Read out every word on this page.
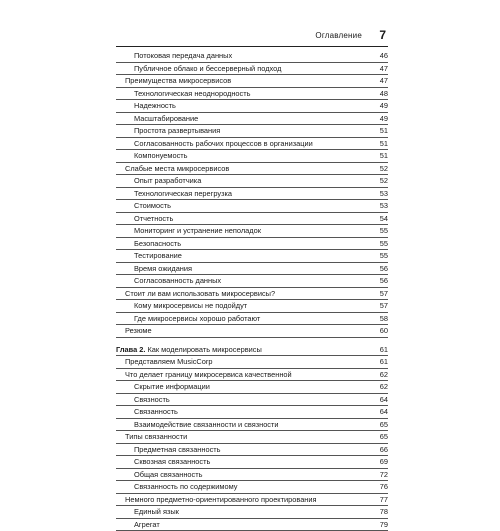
Оглавление 7
Потоковая передача данных	46
Публичное облако и бессерверный подход	47
Преимущества микросервисов	47
Технологическая неоднородность	48
Надежность	49
Масштабирование	49
Простота развертывания	51
Согласованность рабочих процессов в организации	51
Компонуемость	51
Слабые места микросервисов	52
Опыт разработчика	52
Технологическая перегрузка	53
Стоимость	53
Отчетность	54
Мониторинг и устранение неполадок	55
Безопасность	55
Тестирование	55
Время ожидания	56
Согласованность данных	56
Стоит ли вам использовать микросервисы?	57
Кому микросервисы не подойдут	57
Где микросервисы хорошо работают	58
Резюме	60
Глава 2. Как моделировать микросервисы	61
Представляем MusicCorp	61
Что делает границу микросервиса качественной	62
Скрытие информации	62
Связность	64
Связанность	64
Взаимодействие связанности и связности	65
Типы связанности	65
Предметная связанность	66
Сквозная связанность	69
Общая связанность	72
Связанность по содержимому	76
Немного предметно-ориентированного проектирования	77
Единый язык	78
Агрегат	79
